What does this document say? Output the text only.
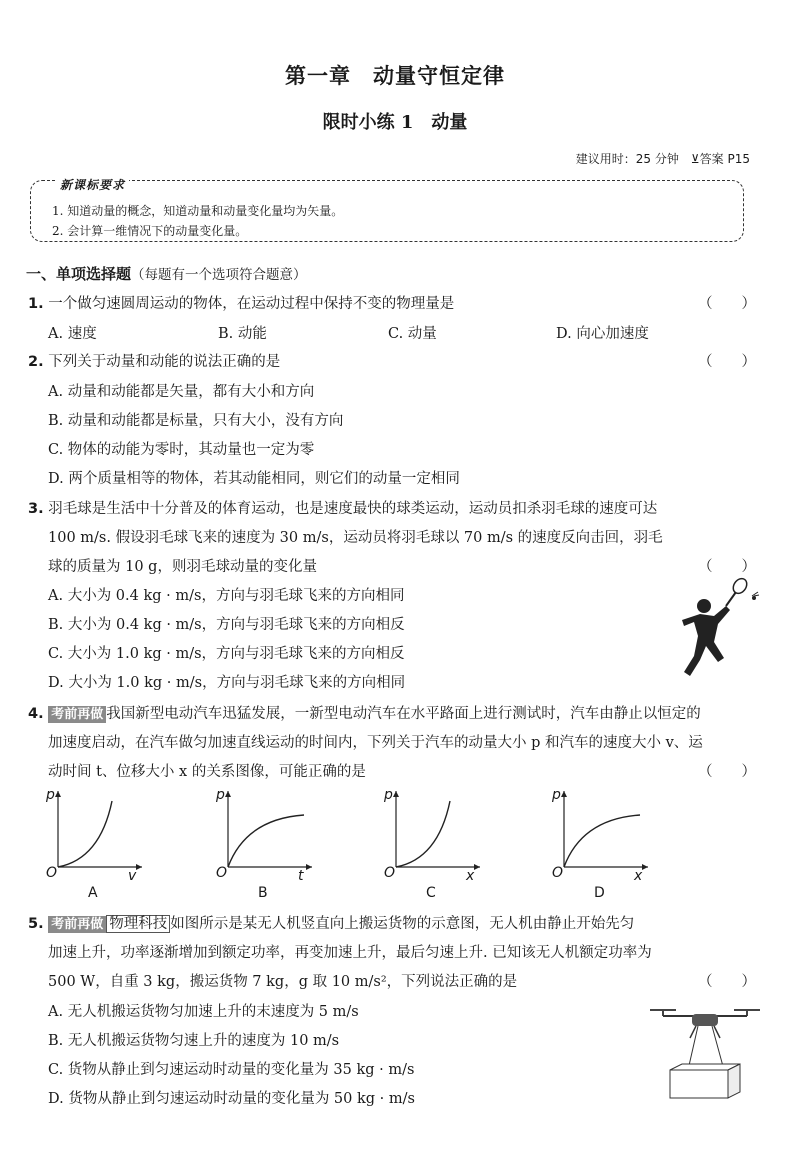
第一章　动量守恒定律
限时小练 1　动量
建议用时：25 分钟　⊻答案 P15
新课标要求
1. 知道动量的概念，知道动量和动量变化量均为矢量。
2. 会计算一维情况下的动量变化量。
一、单项选择题（每题有一个选项符合题意）
1. 一个做匀速圆周运动的物体，在运动过程中保持不变的物理量是	（　　）
A. 速度	B. 动能	C. 动量	D. 向心加速度
2. 下列关于动量和动能的说法正确的是	（　　）
A. 动量和动能都是矢量，都有大小和方向
B. 动量和动能都是标量，只有大小，没有方向
C. 物体的动能为零时，其动量也一定为零
D. 两个质量相等的物体，若其动能相同，则它们的动量一定相同
3. 羽毛球是生活中十分普及的体育运动，也是速度最快的球类运动，运动员扣杀羽毛球的速度可达
100 m/s. 假设羽毛球飞来的速度为 30 m/s，运动员将羽毛球以 70 m/s 的速度反向击回，羽毛
球的质量为 10 g，则羽毛球动量的变化量	（　　）
A. 大小为 0.4 kg · m/s，方向与羽毛球飞来的方向相同
B. 大小为 0.4 kg · m/s，方向与羽毛球飞来的方向相反
C. 大小为 1.0 kg · m/s，方向与羽毛球飞来的方向相反
D. 大小为 1.0 kg · m/s，方向与羽毛球飞来的方向相同
4. 考前再做 我国新型电动汽车迅猛发展，一新型电动汽车在水平路面上进行测试时，汽车由静止以恒定的
加速度启动，在汽车做匀加速直线运动的时间内，下列关于汽车的动量大小 p 和汽车的速度大小 v、运
动时间 t、位移大小 x 的关系图像，可能正确的是	（　　）
p
O	v
A
p
O	t
B
p
O	x
C
p
O	x
D
5. 考前再做 物理科技 如图所示是某无人机竖直向上搬运货物的示意图，无人机由静止开始先匀
加速上升，功率逐渐增加到额定功率，再变加速上升，最后匀速上升. 已知该无人机额定功率为
500 W，自重 3 kg，搬运货物 7 kg，g 取 10 m/s²，下列说法正确的是	（　　）
A. 无人机搬运货物匀加速上升的末速度为 5 m/s
B. 无人机搬运货物匀速上升的速度为 10 m/s
C. 货物从静止到匀速运动时动量的变化量为 35 kg · m/s
D. 货物从静止到匀速运动时动量的变化量为 50 kg · m/s
